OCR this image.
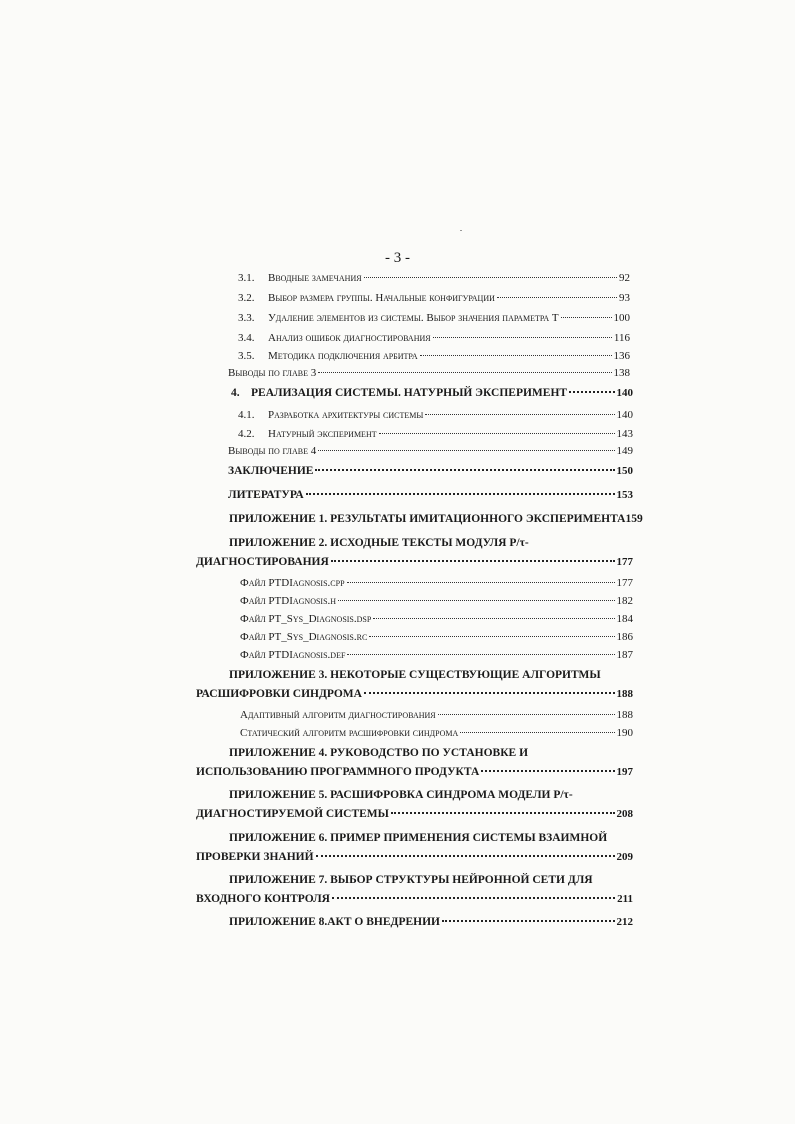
- 3 -
3.1.	Вводные замечания	92
3.2.	Выбор размера группы. Начальные конфигурации	93
3.3.	Удаление элементов из системы. Выбор значения параметра Т	100
3.4.	Анализ ошибок диагностирования	116
3.5.	Методика подключения арбитра	136
Выводы по главе 3	138
4. РЕАЛИЗАЦИЯ СИСТЕМЫ. НАТУРНЫЙ ЭКСПЕРИМЕНТ	140
4.1.	Разработка архитектуры системы	140
4.2.	Натурный эксперимент	143
Выводы по главе 4	149
ЗАКЛЮЧЕНИЕ	150
ЛИТЕРАТУРА	153
ПРИЛОЖЕНИЕ 1. РЕЗУЛЬТАТЫ ИМИТАЦИОННОГО ЭКСПЕРИМЕНТА159
ПРИЛОЖЕНИЕ 2. ИСХОДНЫЕ ТЕКСТЫ МОДУЛЯ Р/τ-
ДИАГНОСТИРОВАНИЯ	177
Файл PTDIagnosis.cpp	177
Файл PTDIagnosis.h	182
Файл PT_Sys_Diagnosis.dsp	184
Файл PT_Sys_Diagnosis.rc	186
Файл PTDIagnosis.def	187
ПРИЛОЖЕНИЕ 3. НЕКОТОРЫЕ СУЩЕСТВУЮЩИЕ АЛГОРИТМЫ
РАСШИФРОВКИ СИНДРОМА	188
Адаптивный алгоритм диагностирования	188
Статический алгоритм расшифровки синдрома	190
ПРИЛОЖЕНИЕ 4. РУКОВОДСТВО ПО УСТАНОВКЕ И
ИСПОЛЬЗОВАНИЮ ПРОГРАММНОГО ПРОДУКТА	197
ПРИЛОЖЕНИЕ 5. РАСШИФРОВКА СИНДРОМА МОДЕЛИ Р/τ-
ДИАГНОСТИРУЕМОЙ СИСТЕМЫ	208
ПРИЛОЖЕНИЕ 6. ПРИМЕР ПРИМЕНЕНИЯ СИСТЕМЫ ВЗАИМНОЙ
ПРОВЕРКИ ЗНАНИЙ	209
ПРИЛОЖЕНИЕ 7. ВЫБОР СТРУКТУРЫ НЕЙРОННОЙ СЕТИ ДЛЯ
ВХОДНОГО КОНТРОЛЯ	211
ПРИЛОЖЕНИЕ 8.АКТ О ВНЕДРЕНИИ	212
